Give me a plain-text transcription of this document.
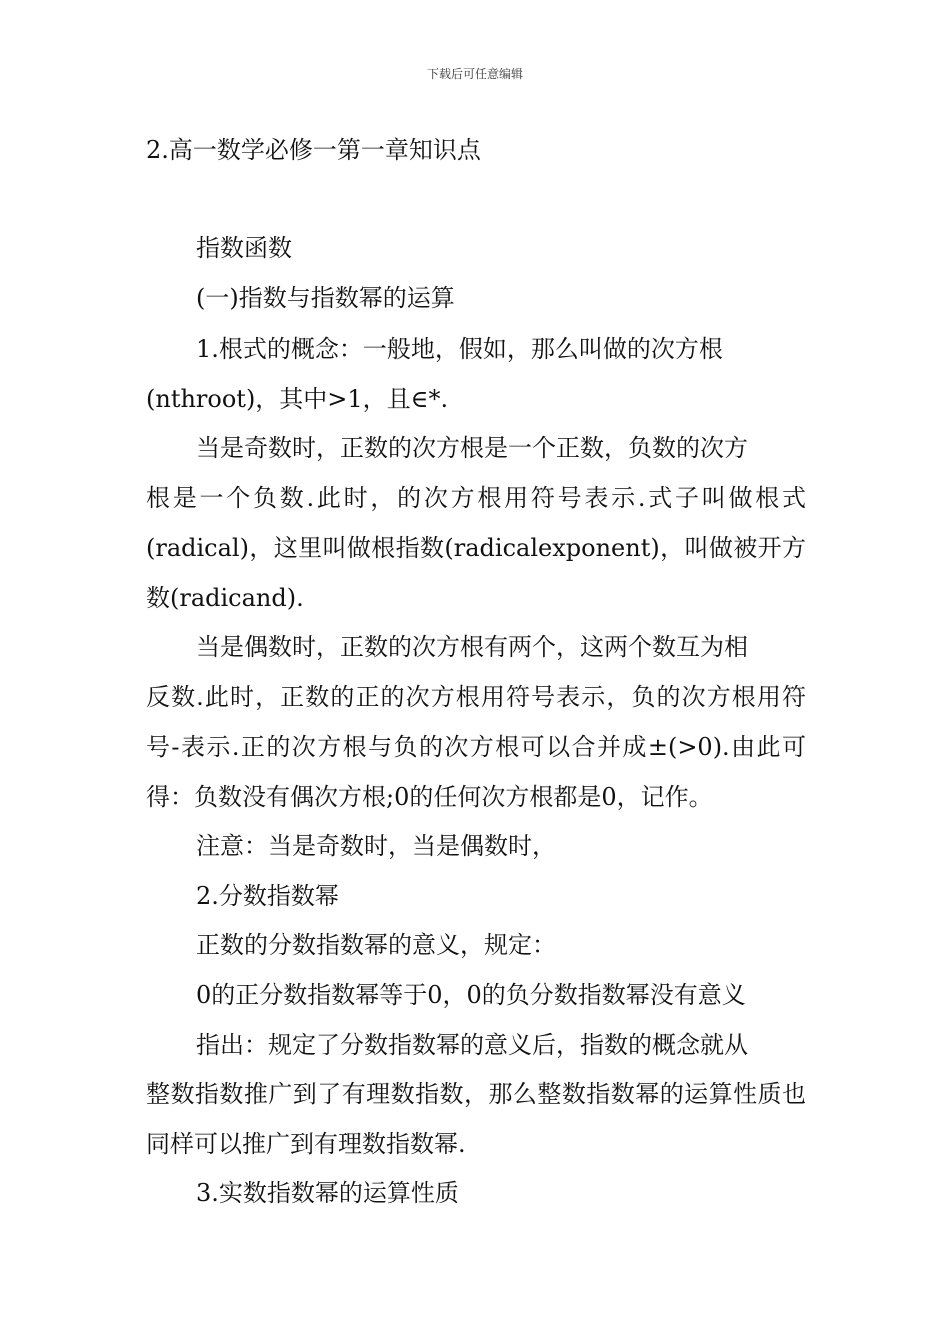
下载后可任意编辑
2.高一数学必修一第一章知识点
指数函数
(一)指数与指数幂的运算
1.根式的概念：一般地，假如，那么叫做的次方根
(nthroot)，其中>1，且∈*.
当是奇数时，正数的次方根是一个正数，负数的次方
根是一个负数.此时，的次方根用符号表示.式子叫做根式(radical)，这里叫做根指数(radicalexponent)，叫做被开方数(radicand).
当是偶数时，正数的次方根有两个，这两个数互为相
反数.此时，正数的正的次方根用符号表示，负的次方根用符号-表示.正的次方根与负的次方根可以合并成±(>0).由此可得：负数没有偶次方根;0的任何次方根都是0，记作。
注意：当是奇数时，当是偶数时，
2.分数指数幂
正数的分数指数幂的意义，规定：
0的正分数指数幂等于0，0的负分数指数幂没有意义
指出：规定了分数指数幂的意义后，指数的概念就从
整数指数推广到了有理数指数，那么整数指数幂的运算性质也同样可以推广到有理数指数幂.
3.实数指数幂的运算性质
